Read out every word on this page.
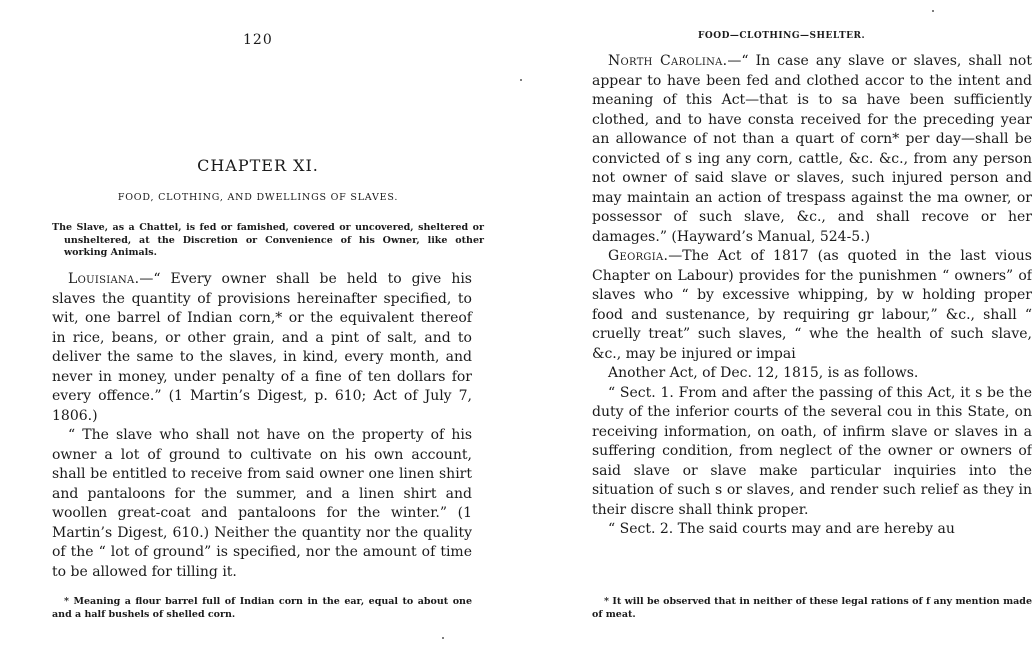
120
CHAPTER XI.
FOOD, CLOTHING, AND DWELLINGS OF SLAVES.
The Slave, as a Chattel, is fed or famished, covered or uncovered, sheltered or unsheltered, at the Discretion or Convenience of his Owner, like other working Animals.

Louisiana.—“ Every owner shall be held to give his slaves the quantity of provisions hereinafter specified, to wit, one barrel of Indian corn,* or the equivalent thereof in rice, beans, or other grain, and a pint of salt, and to deliver the same to the slaves, in kind, every month, and never in money, under penalty of a fine of ten dollars for every offence.” (1 Martin’s Digest, p. 610; Act of July 7, 1806.)

“ The slave who shall not have on the property of his owner a lot of ground to cultivate on his own account, shall be entitled to receive from said owner one linen shirt and pantaloons for the summer, and a linen shirt and woollen great-coat and pantaloons for the winter.” (1 Martin’s Digest, 610.) Neither the quantity nor the quality of the “ lot of ground” is specified, nor the amount of time to be allowed for tilling it.

* Meaning a flour barrel full of Indian corn in the ear, equal to about one and a half bushels of shelled corn.

FOOD—CLOTHING—SHELTER.

North Carolina.—“ In case any slave or slaves, shall not appear to have been fed and clothed accor to the intent and meaning of this Act—that is to sa have been sufficiently clothed, and to have consta received for the preceding year an allowance of not than a quart of corn* per day—shall be convicted of s ing any corn, cattle, &c. &c., from any person not owner of said slave or slaves, such injured person and may maintain an action of trespass against the ma owner, or possessor of such slave, &c., and shall recove or her damages.” (Hayward’s Manual, 524-5.)

Georgia.—The Act of 1817 (as quoted in the last vious Chapter on Labour) provides for the punishmen “ owners” of slaves who “ by excessive whipping, by w holding proper food and sustenance, by requiring gr labour,” &c., shall “ cruelly treat” such slaves, “ whe the health of such slave, &c., may be injured or impai

Another Act, of Dec. 12, 1815, is as follows.

“ Sect. 1. From and after the passing of this Act, it s be the duty of the inferior courts of the several cou in this State, on receiving information, on oath, of infirm slave or slaves in a suffering condition, from neglect of the owner or owners of said slave or slave make particular inquiries into the situation of such s or slaves, and render such relief as they in their discre shall think proper.

“ Sect. 2. The said courts may and are hereby au

* It will be observed that in neither of these legal rations of f any mention made of meat.
